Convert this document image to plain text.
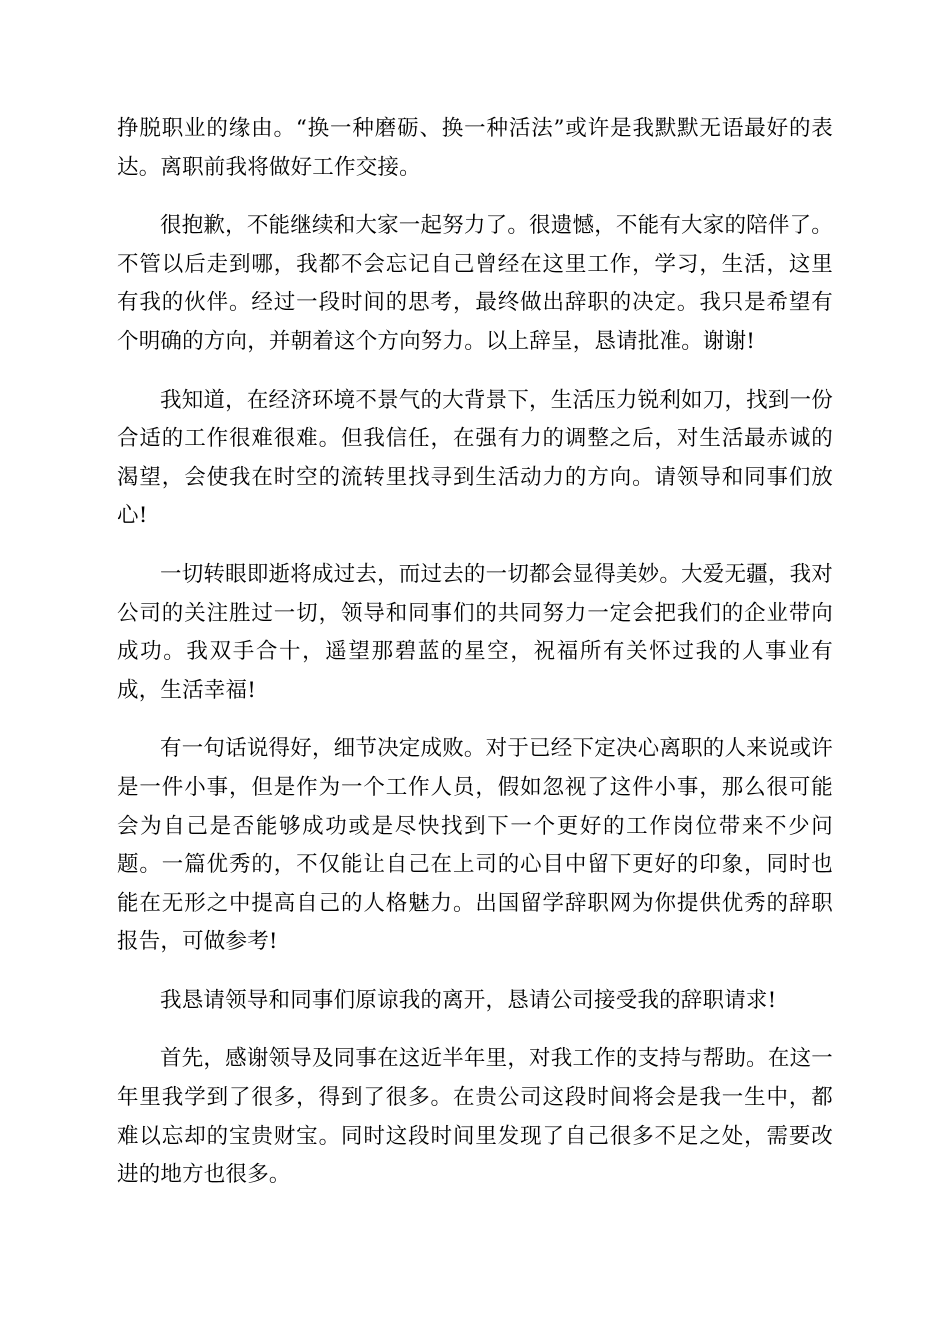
挣脱职业的缘由。“换一种磨砺、换一种活法”或许是我默默无语最好的表达。离职前我将做好工作交接。

很抱歉，不能继续和大家一起努力了。很遗憾，不能有大家的陪伴了。不管以后走到哪，我都不会忘记自己曾经在这里工作，学习，生活，这里有我的伙伴。经过一段时间的思考，最终做出辞职的决定。我只是希望有个明确的方向，并朝着这个方向努力。以上辞呈，恳请批准。谢谢!

我知道，在经济环境不景气的大背景下，生活压力锐利如刀，找到一份合适的工作很难很难。但我信任，在强有力的调整之后，对生活最赤诚的渴望，会使我在时空的流转里找寻到生活动力的方向。请领导和同事们放心!

一切转眼即逝将成过去，而过去的一切都会显得美妙。大爱无疆，我对公司的关注胜过一切，领导和同事们的共同努力一定会把我们的企业带向成功。我双手合十，遥望那碧蓝的星空，祝福所有关怀过我的人事业有成，生活幸福!

有一句话说得好，细节决定成败。对于已经下定决心离职的人来说或许是一件小事，但是作为一个工作人员，假如忽视了这件小事，那么很可能会为自己是否能够成功或是尽快找到下一个更好的工作岗位带来不少问题。一篇优秀的，不仅能让自己在上司的心目中留下更好的印象，同时也能在无形之中提高自己的人格魅力。出国留学辞职网为你提供优秀的辞职报告，可做参考!

我恳请领导和同事们原谅我的离开，恳请公司接受我的辞职请求!

首先，感谢领导及同事在这近半年里，对我工作的支持与帮助。在这一年里我学到了很多，得到了很多。在贵公司这段时间将会是我一生中，都难以忘却的宝贵财宝。同时这段时间里发现了自己很多不足之处，需要改进的地方也很多。
